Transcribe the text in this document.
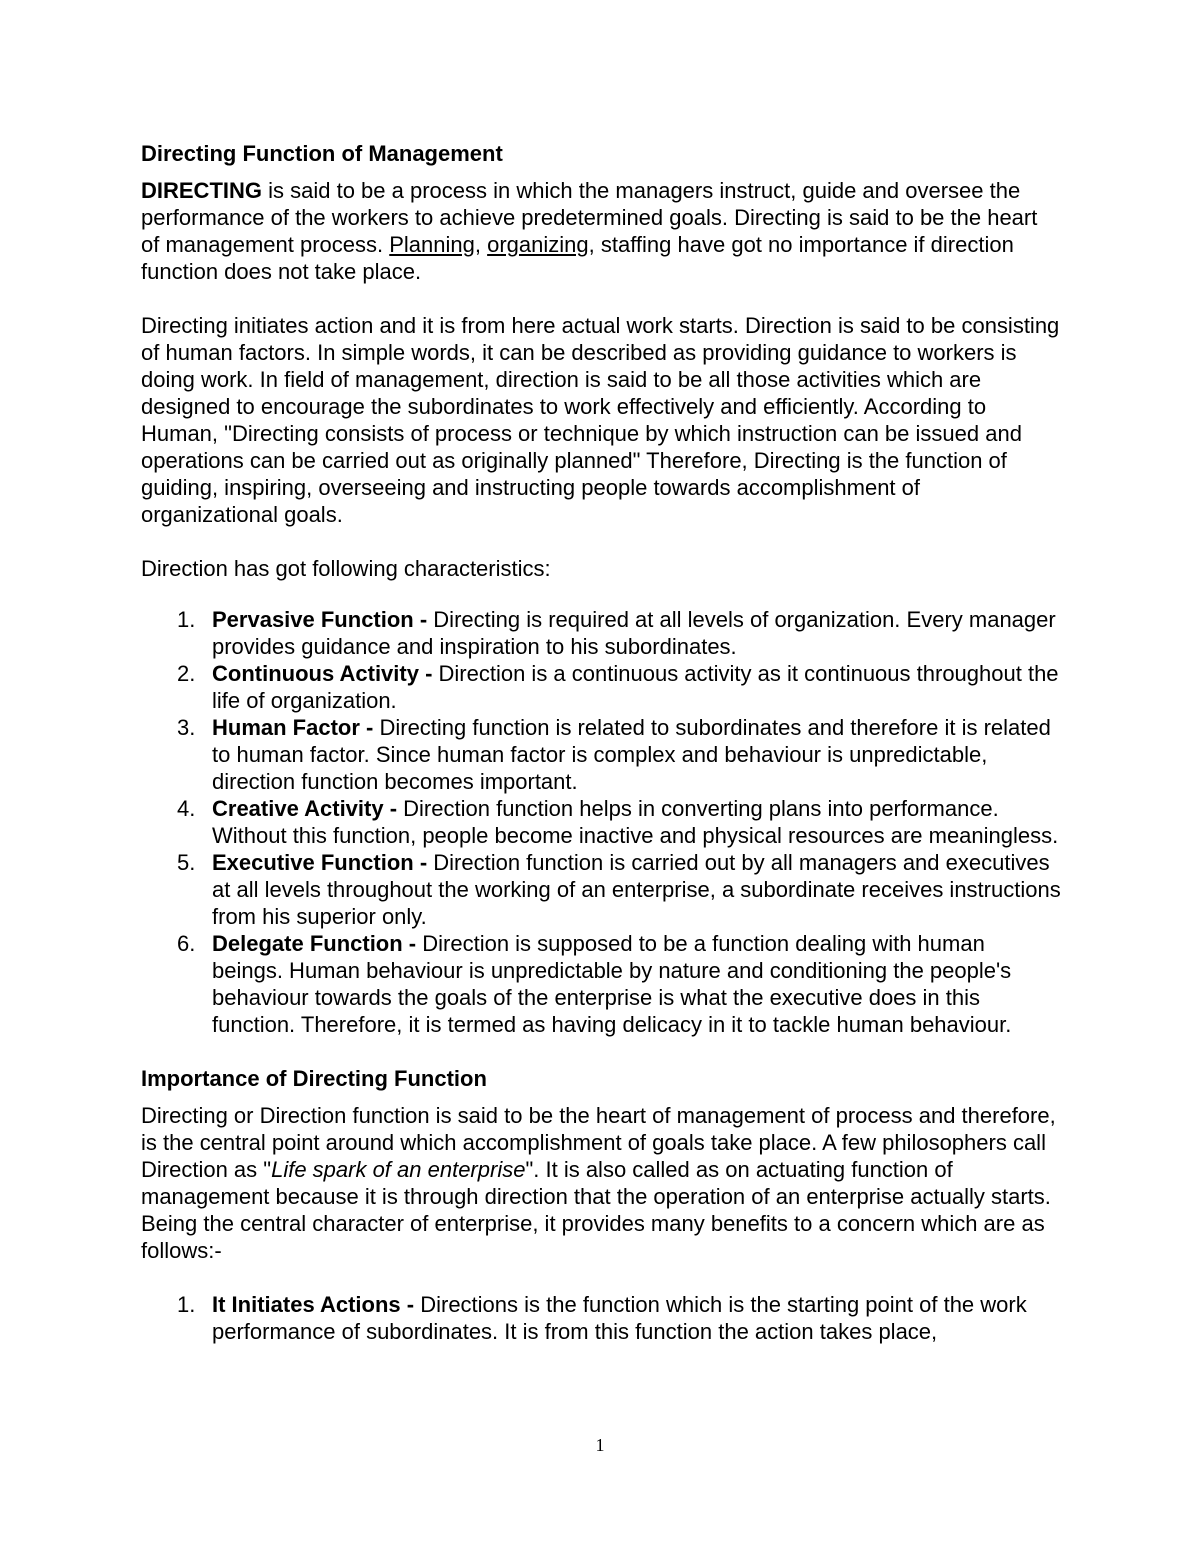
Directing Function of Management

DIRECTING is said to be a process in which the managers instruct, guide and oversee the performance of the workers to achieve predetermined goals. Directing is said to be the heart of management process. Planning, organizing, staffing have got no importance if direction function does not take place.

Directing initiates action and it is from here actual work starts. Direction is said to be consisting of human factors. In simple words, it can be described as providing guidance to workers is doing work. In field of management, direction is said to be all those activities which are designed to encourage the subordinates to work effectively and efficiently. According to Human, "Directing consists of process or technique by which instruction can be issued and operations can be carried out as originally planned" Therefore, Directing is the function of guiding, inspiring, overseeing and instructing people towards accomplishment of organizational goals.

Direction has got following characteristics:

1. Pervasive Function - Directing is required at all levels of organization. Every manager provides guidance and inspiration to his subordinates.
2. Continuous Activity - Direction is a continuous activity as it continuous throughout the life of organization.
3. Human Factor - Directing function is related to subordinates and therefore it is related to human factor. Since human factor is complex and behaviour is unpredictable, direction function becomes important.
4. Creative Activity - Direction function helps in converting plans into performance. Without this function, people become inactive and physical resources are meaningless.
5. Executive Function - Direction function is carried out by all managers and executives at all levels throughout the working of an enterprise, a subordinate receives instructions from his superior only.
6. Delegate Function - Direction is supposed to be a function dealing with human beings. Human behaviour is unpredictable by nature and conditioning the people's behaviour towards the goals of the enterprise is what the executive does in this function. Therefore, it is termed as having delicacy in it to tackle human behaviour.
Importance of Directing Function

Directing or Direction function is said to be the heart of management of process and therefore, is the central point around which accomplishment of goals take place. A few philosophers call Direction as "Life spark of an enterprise". It is also called as on actuating function of management because it is through direction that the operation of an enterprise actually starts. Being the central character of enterprise, it provides many benefits to a concern which are as follows:-

1. It Initiates Actions - Directions is the function which is the starting point of the work performance of subordinates. It is from this function the action takes place,
1
